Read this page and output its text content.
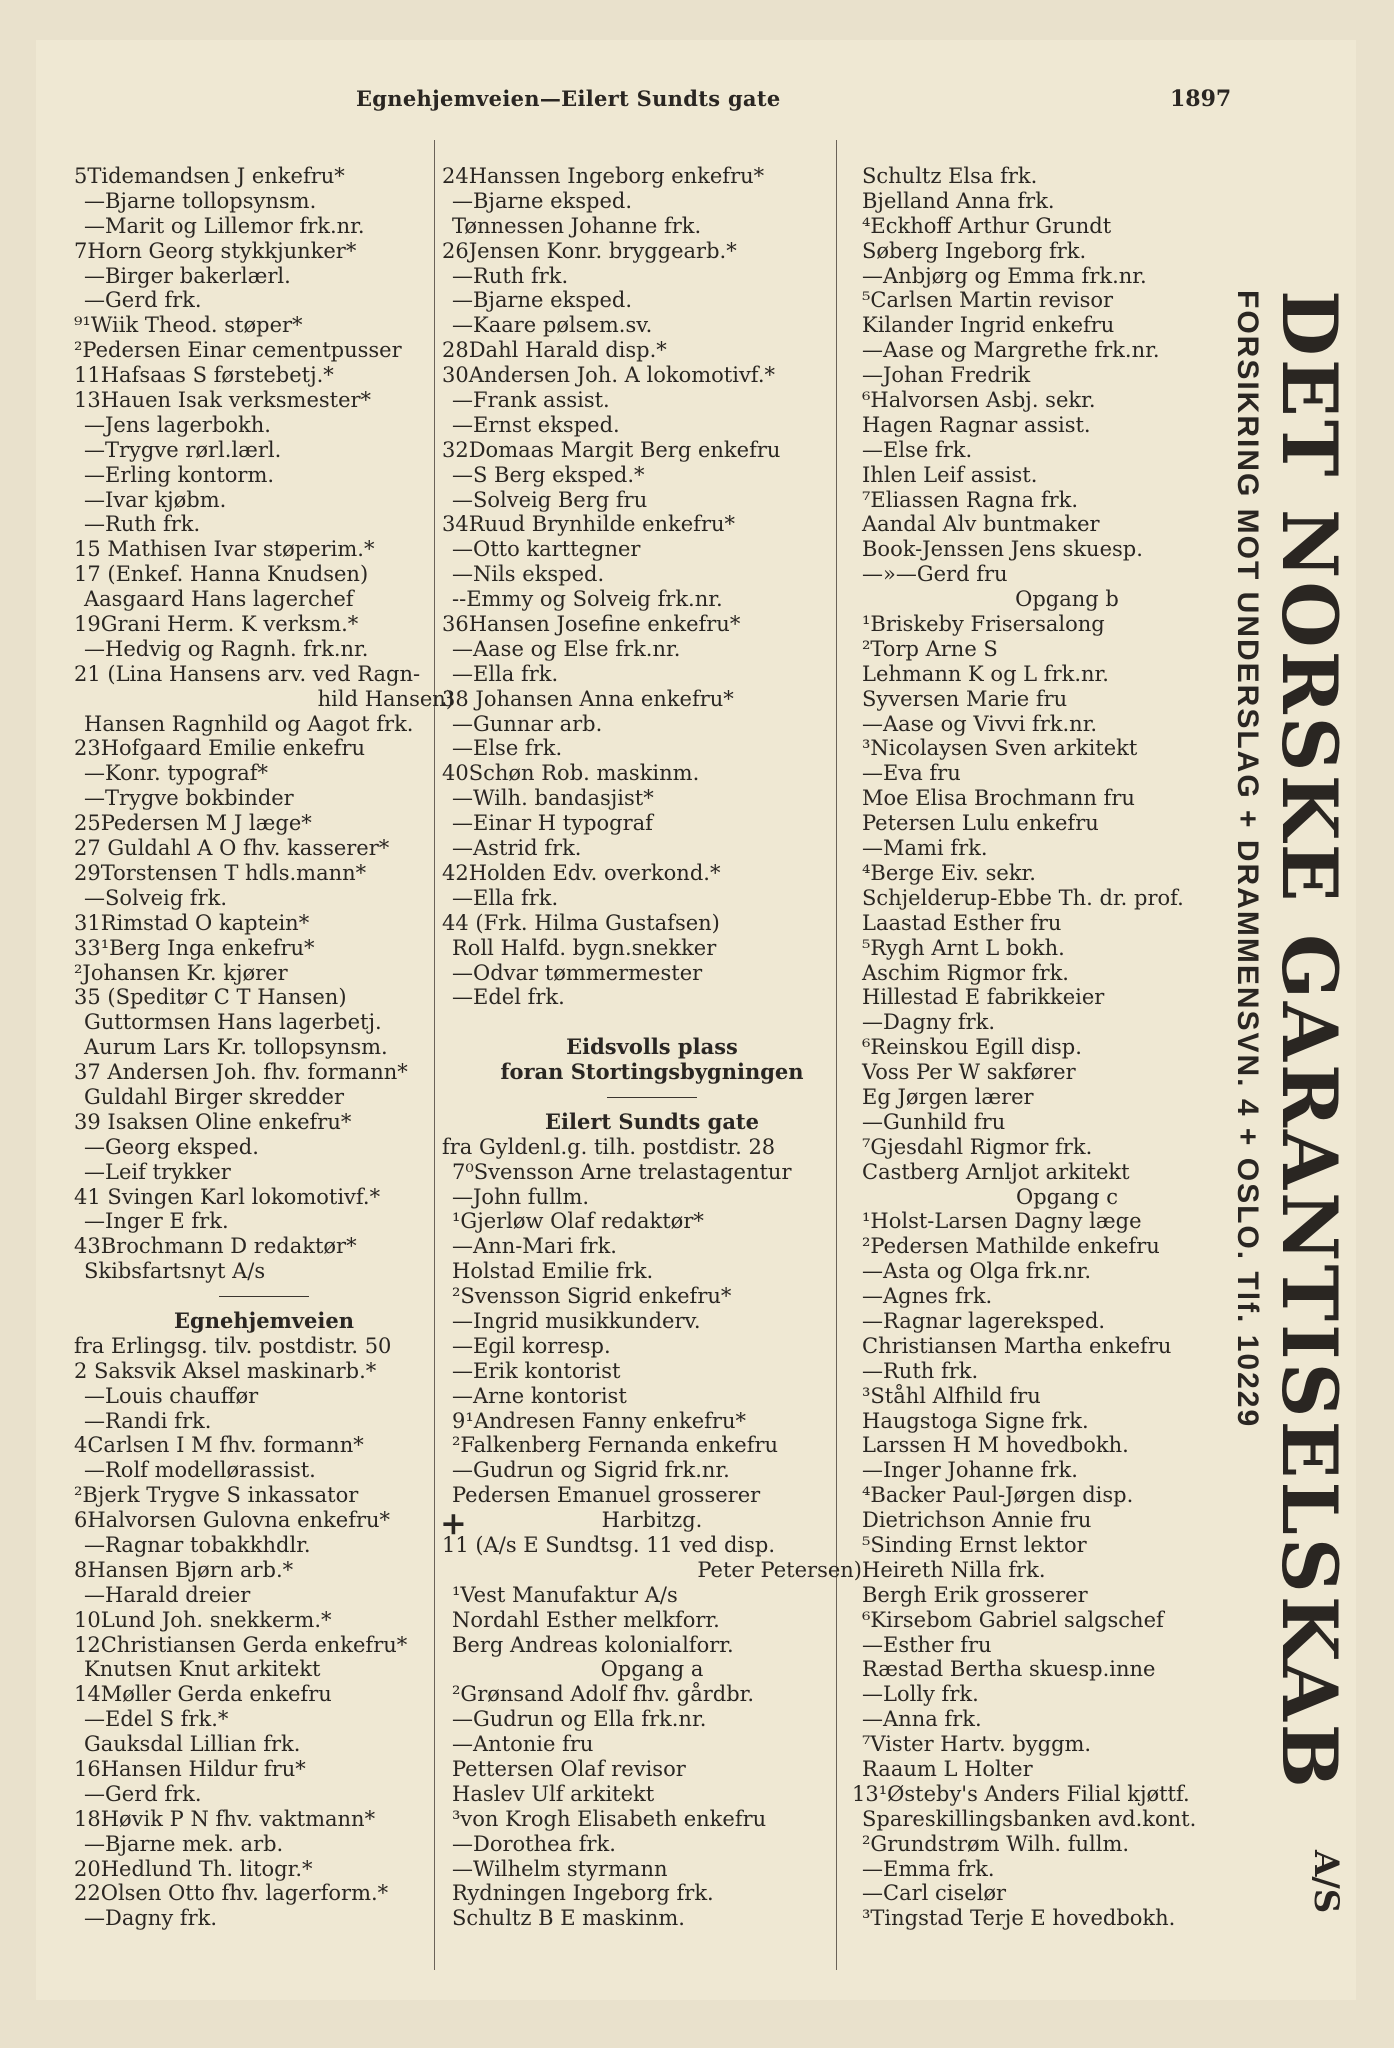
Egnehjemveien—Eilert Sundts gate	1897
5Tidemandsen J enkefru*
—Bjarne tollopsynsm.
—Marit og Lillemor frk.nr.
7Horn Georg stykkjunker*
—Birger bakerlærl.
—Gerd frk.
⁹¹Wiik Theod. støper*
²Pedersen Einar cementpusser
11Hafsaas S førstebetj.*
13Hauen Isak verksmester*
—Jens lagerbokh.
—Trygve rørl.lærl.
—Erling kontorm.
—Ivar kjøbm.
—Ruth frk.
15 Mathisen Ivar støperim.*
17 (Enkef. Hanna Knudsen)
Aasgaard Hans lagerchef
19Grani Herm. K verksm.*
—Hedvig og Ragnh. frk.nr.
21 (Lina Hansens arv. ved Ragn-
hild Hansen)
Hansen Ragnhild og Aagot frk.
23Hofgaard Emilie enkefru
—Konr. typograf*
—Trygve bokbinder
25Pedersen M J læge*
27 Guldahl A O fhv. kasserer*
29Torstensen T hdls.mann*
—Solveig frk.
31Rimstad O kaptein*
33¹Berg Inga enkefru*
²Johansen Kr. kjører
35 (Speditør C T Hansen)
Guttormsen Hans lagerbetj.
Aurum Lars Kr. tollopsynsm.
37 Andersen Joh. fhv. formann*
Guldahl Birger skredder
39 Isaksen Oline enkefru*
—Georg eksped.
—Leif trykker
41 Svingen Karl lokomotivf.*
—Inger E frk.
43Brochmann D redaktør*
Skibsfartsnyt A/s
Egnehjemveien
fra Erlingsg. tilv. postdistr. 50
2 Saksvik Aksel maskinarb.*
—Louis chauffør
—Randi frk.
4Carlsen I M fhv. formann*
—Rolf modellørassist.
²Bjerk Trygve S inkassator
6Halvorsen Gulovna enkefru*
—Ragnar tobakkhdlr.
8Hansen Bjørn arb.*
—Harald dreier
10Lund Joh. snekkerm.*
12Christiansen Gerda enkefru*
Knutsen Knut arkitekt
14Møller Gerda enkefru
—Edel S frk.*
Gauksdal Lillian frk.
16Hansen Hildur fru*
—Gerd frk.
18Høvik P N fhv. vaktmann*
—Bjarne mek. arb.
20Hedlund Th. litogr.*
22Olsen Otto fhv. lagerform.*
—Dagny frk.
24Hanssen Ingeborg enkefru*
—Bjarne eksped.
Tønnessen Johanne frk.
26Jensen Konr. bryggearb.*
—Ruth frk.
—Bjarne eksped.
—Kaare pølsem.sv.
28Dahl Harald disp.*
30Andersen Joh. A lokomotivf.*
—Frank assist.
—Ernst eksped.
32Domaas Margit Berg enkefru
—S Berg eksped.*
—Solveig Berg fru
34Ruud Brynhilde enkefru*
—Otto karttegner
—Nils eksped.
--Emmy og Solveig frk.nr.
36Hansen Josefine enkefru*
—Aase og Else frk.nr.
—Ella frk.
38 Johansen Anna enkefru*
—Gunnar arb.
—Else frk.
40Schøn Rob. maskinm.
—Wilh. bandasjist*
—Einar H typograf
—Astrid frk.
42Holden Edv. overkond.*
—Ella frk.
44 (Frk. Hilma Gustafsen)
Roll Halfd. bygn.snekker
—Odvar tømmermester
—Edel frk.
Eidsvolls plass
foran Stortingsbygningen
Eilert Sundts gate
fra Gyldenl.g. tilh. postdistr. 28
7⁰Svensson Arne trelastagentur
—John fullm.
¹Gjerløw Olaf redaktør*
—Ann-Mari frk.
Holstad Emilie frk.
²Svensson Sigrid enkefru*
—Ingrid musikkunderv.
—Egil korresp.
—Erik kontorist
—Arne kontorist
9¹Andresen Fanny enkefru*
²Falkenberg Fernanda enkefru
—Gudrun og Sigrid frk.nr.
Pedersen Emanuel grosserer
Harbitzg.
11 (A/s E Sundtsg. 11 ved disp.
Peter Petersen)
¹Vest Manufaktur A/s
Nordahl Esther melkforr.
Berg Andreas kolonialforr.
Opgang a
²Grønsand Adolf fhv. gårdbr.
—Gudrun og Ella frk.nr.
—Antonie fru
Pettersen Olaf revisor
Haslev Ulf arkitekt
³von Krogh Elisabeth enkefru
—Dorothea frk.
—Wilhelm styrmann
Rydningen Ingeborg frk.
Schultz B E maskinm.
Schultz Elsa frk.
Bjelland Anna frk.
⁴Eckhoff Arthur Grundt
Søberg Ingeborg frk.
—Anbjørg og Emma frk.nr.
⁵Carlsen Martin revisor
Kilander Ingrid enkefru
—Aase og Margrethe frk.nr.
—Johan Fredrik
⁶Halvorsen Asbj. sekr.
Hagen Ragnar assist.
—Else frk.
Ihlen Leif assist.
⁷Eliassen Ragna frk.
Aandal Alv buntmaker
Book-Jenssen Jens skuesp.
—»—Gerd fru
Opgang b
¹Briskeby Frisersalong
²Torp Arne S
Lehmann K og L frk.nr.
Syversen Marie fru
—Aase og Vivvi frk.nr.
³Nicolaysen Sven arkitekt
—Eva fru
Moe Elisa Brochmann fru
Petersen Lulu enkefru
—Mami frk.
⁴Berge Eiv. sekr.
Schjelderup-Ebbe Th. dr. prof.
Laastad Esther fru
⁵Rygh Arnt L bokh.
Aschim Rigmor frk.
Hillestad E fabrikkeier
—Dagny frk.
⁶Reinskou Egill disp.
Voss Per W sakfører
Eg Jørgen lærer
—Gunhild fru
⁷Gjesdahl Rigmor frk.
Castberg Arnljot arkitekt
Opgang c
¹Holst-Larsen Dagny læge
²Pedersen Mathilde enkefru
—Asta og Olga frk.nr.
—Agnes frk.
—Ragnar lagereksped.
Christiansen Martha enkefru
—Ruth frk.
³Ståhl Alfhild fru
Haugstoga Signe frk.
Larssen H M hovedbokh.
—Inger Johanne frk.
⁴Backer Paul-Jørgen disp.
Dietrichson Annie fru
⁵Sinding Ernst lektor
Heireth Nilla frk.
Bergh Erik grosserer
⁶Kirsebom Gabriel salgschef
—Esther fru
Ræstad Bertha skuesp.inne
—Lolly frk.
—Anna frk.
⁷Vister Hartv. byggm.
Raaum L Holter
13¹Østeby's Anders Filial kjøttf.
Spareskillingsbanken avd.kont.
²Grundstrøm Wilh. fullm.
—Emma frk.
—Carl ciselør
³Tingstad Terje E hovedbokh.
+	DET NORSKE GARANTISELSKAB
A/S
FORSIKRING MOT UNDERSLAG + DRAMMENSVN. 4 + OSLO. Tlf. 10229
